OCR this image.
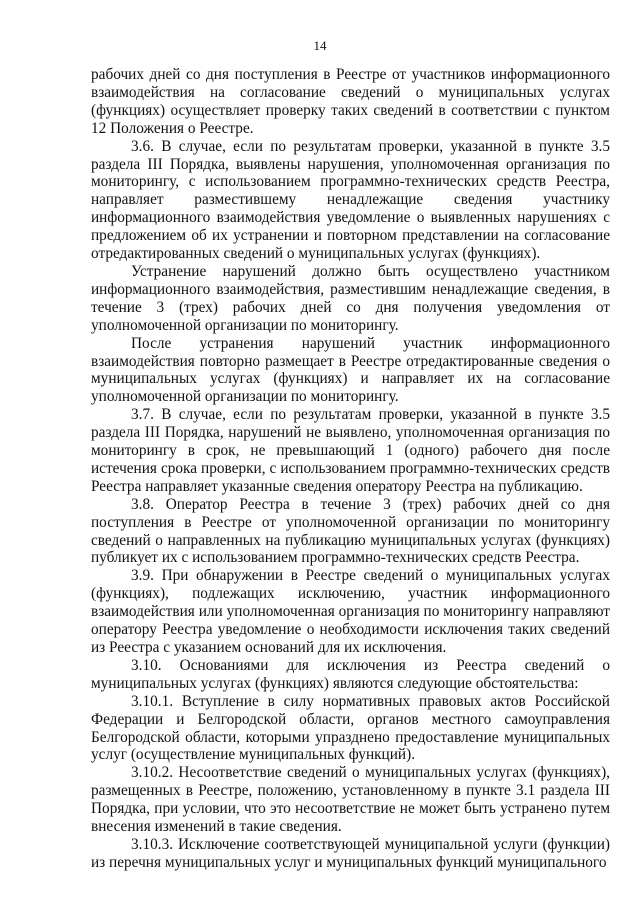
14

рабочих дней со дня поступления в Реестре от участников информационного взаимодействия на согласование сведений о муниципальных услугах (функциях) осуществляет проверку таких сведений в соответствии с пунктом 12 Положения о Реестре.

3.6. В случае, если по результатам проверки, указанной в пункте 3.5 раздела III Порядка, выявлены нарушения, уполномоченная организация по мониторингу, с использованием программно-технических средств Реестра, направляет разместившему ненадлежащие сведения участнику информационного взаимодействия уведомление о выявленных нарушениях с предложением об их устранении и повторном представлении на согласование отредактированных сведений о муниципальных услугах (функциях).

Устранение нарушений должно быть осуществлено участником информационного взаимодействия, разместившим ненадлежащие сведения, в течение 3 (трех) рабочих дней со дня получения уведомления от уполномоченной организации по мониторингу.

После устранения нарушений участник информационного взаимодействия повторно размещает в Реестре отредактированные сведения о муниципальных услугах (функциях) и направляет их на согласование уполномоченной организации по мониторингу.

3.7. В случае, если по результатам проверки, указанной в пункте 3.5 раздела III Порядка, нарушений не выявлено, уполномоченная организация по мониторингу в срок, не превышающий 1 (одного) рабочего дня после истечения срока проверки, с использованием программно-технических средств Реестра направляет указанные сведения оператору Реестра на публикацию.

3.8. Оператор Реестра в течение 3 (трех) рабочих дней со дня поступления в Реестре от уполномоченной организации по мониторингу сведений о направленных на публикацию муниципальных услугах (функциях) публикует их с использованием программно-технических средств Реестра.

3.9. При обнаружении в Реестре сведений о муниципальных услугах (функциях), подлежащих исключению, участник информационного взаимодействия или уполномоченная организация по мониторингу направляют оператору Реестра уведомление о необходимости исключения таких сведений из Реестра с указанием оснований для их исключения.

3.10. Основаниями для исключения из Реестра сведений о муниципальных услугах (функциях) являются следующие обстоятельства:

3.10.1. Вступление в силу нормативных правовых актов Российской Федерации и Белгородской области, органов местного самоуправления Белгородской области, которыми упразднено предоставление муниципальных услуг (осуществление муниципальных функций).

3.10.2. Несоответствие сведений о муниципальных услугах (функциях), размещенных в Реестре, положению, установленному в пункте 3.1 раздела III Порядка, при условии, что это несоответствие не может быть устранено путем внесения изменений в такие сведения.

3.10.3. Исключение соответствующей муниципальной услуги (функции) из перечня муниципальных услуг и муниципальных функций муниципального
